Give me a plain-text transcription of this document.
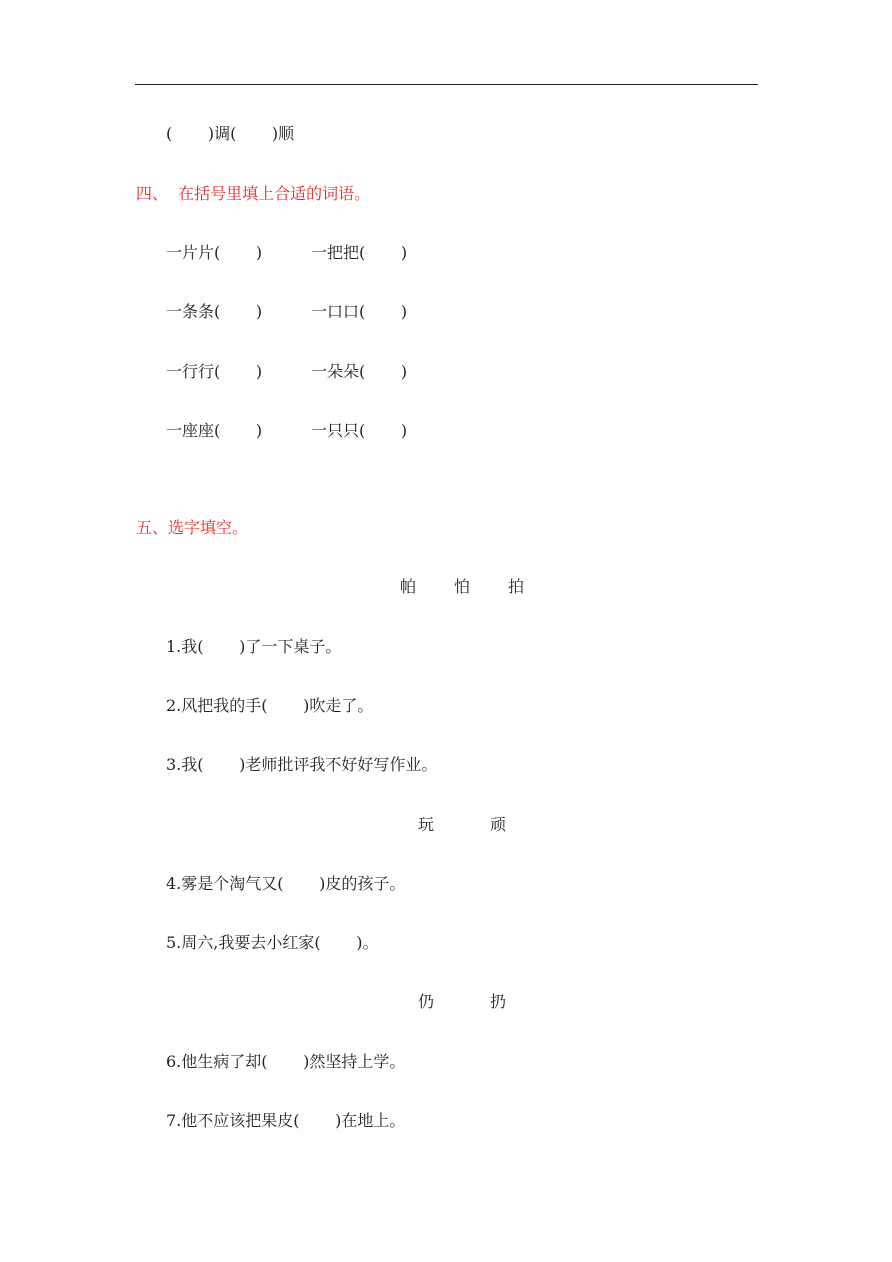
(       )调(       )顺
四、  在括号里填上合适的词语。
一片片(       )	一把把(       )
一条条(       )	一口口(       )
一行行(       )	一朵朵(       )
一座座(       )	一只只(       )
五、选字填空。
帕 怕 拍
1.我(       )了一下桌子。
2.风把我的手(       )吹走了。
3.我(       )老师批评我不好好写作业。
玩	顽
4.雾是个淘气又(       )皮的孩子。
5.周六,我要去小红家(       )。
仍	扔
6.他生病了却(       )然坚持上学。
7.他不应该把果皮(       )在地上。
